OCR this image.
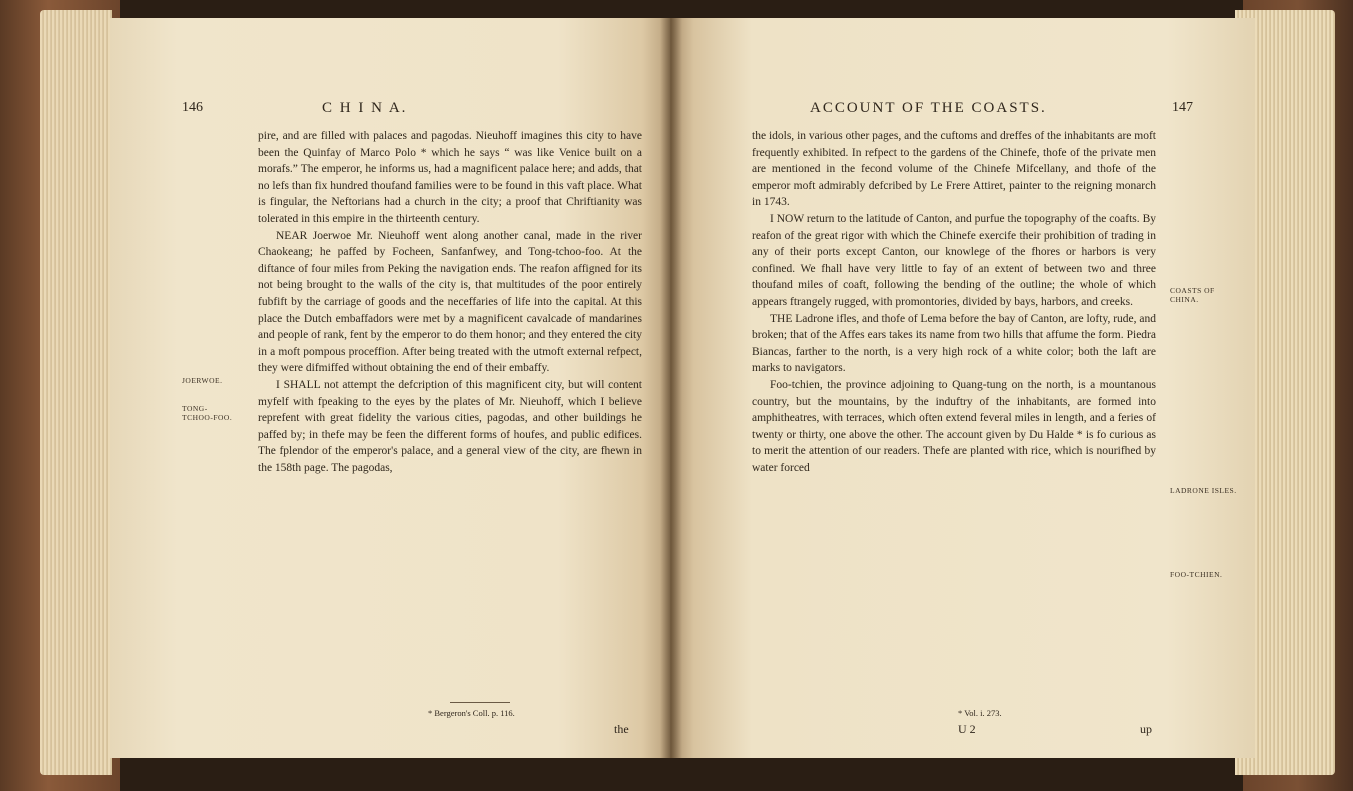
146	C H I N A.
JOERWOE.
TONG-TCHOO-FOO.

pire, and are filled with palaces and pagodas. Nieuhoff imagines this city to have been the Quinfay of Marco Polo * which he says “ was like Venice built on a morafs.” The emperor, he informs us, had a magnificent palace here; and adds, that no lefs than fix hundred thoufand families were to be found in this vaft place. What is fingular, the Neftorians had a church in the city; a proof that Chriftianity was tolerated in this empire in the thirteenth century.

NEAR Joerwoe Mr. Nieuhoff went along another canal, made in the river Chaokeang; he paffed by Focheen, Sanfanfwey, and Tong-tchoo-foo. At the diftance of four miles from Peking the navigation ends. The reafon affigned for its not being brought to the walls of the city is, that multitudes of the poor entirely fubfift by the carriage of goods and the neceffaries of life into the capital. At this place the Dutch embaffadors were met by a magnificent cavalcade of mandarines and people of rank, fent by the emperor to do them honor; and they entered the city in a moft pompous proceffion. After being treated with the utmoft external refpect, they were difmiffed without obtaining the end of their embaffy.

I SHALL not attempt the defcription of this magnificent city, but will content myfelf with fpeaking to the eyes by the plates of Mr. Nieuhoff, which I believe reprefent with great fidelity the various cities, pagodas, and other buildings he paffed by; in thefe may be feen the different forms of houfes, and public edifices. The fplendor of the emperor's palace, and a general view of the city, are fhewn in the 158th page. The pagodas,

* Bergeron's Coll. p. 116.
the
ACCOUNT OF THE COASTS.	147
COASTS OF CHINA.
LADRONE ISLES.
FOO-TCHIEN.

the idols, in various other pages, and the cuftoms and dreffes of the inhabitants are moft frequently exhibited. In refpect to the gardens of the Chinefe, thofe of the private men are mentioned in the fecond volume of the Chinefe Mifcellany, and thofe of the emperor moft admirably defcribed by Le Frere Attiret, painter to the reigning monarch in 1743.

I NOW return to the latitude of Canton, and purfue the topography of the coafts. By reafon of the great rigor with which the Chinefe exercife their prohibition of trading in any of their ports except Canton, our knowlege of the fhores or harbors is very confined. We fhall have very little to fay of an extent of between two and three thoufand miles of coaft, following the bending of the outline; the whole of which appears ftrangely rugged, with promontories, divided by bays, harbors, and creeks.

THE Ladrone ifles, and thofe of Lema before the bay of Canton, are lofty, rude, and broken; that of the Affes ears takes its name from two hills that affume the form. Piedra Biancas, farther to the north, is a very high rock of a white color; both the laft are marks to navigators.

Foo-tchien, the province adjoining to Quang-tung on the north, is a mountanous country, but the mountains, by the induftry of the inhabitants, are formed into amphitheatres, with terraces, which often extend feveral miles in length, and a feries of twenty or thirty, one above the other. The account given by Du Halde * is fo curious as to merit the attention of our readers. Thefe are planted with rice, which is nourifhed by water forced

* Vol. i. 273.
U 2	up
